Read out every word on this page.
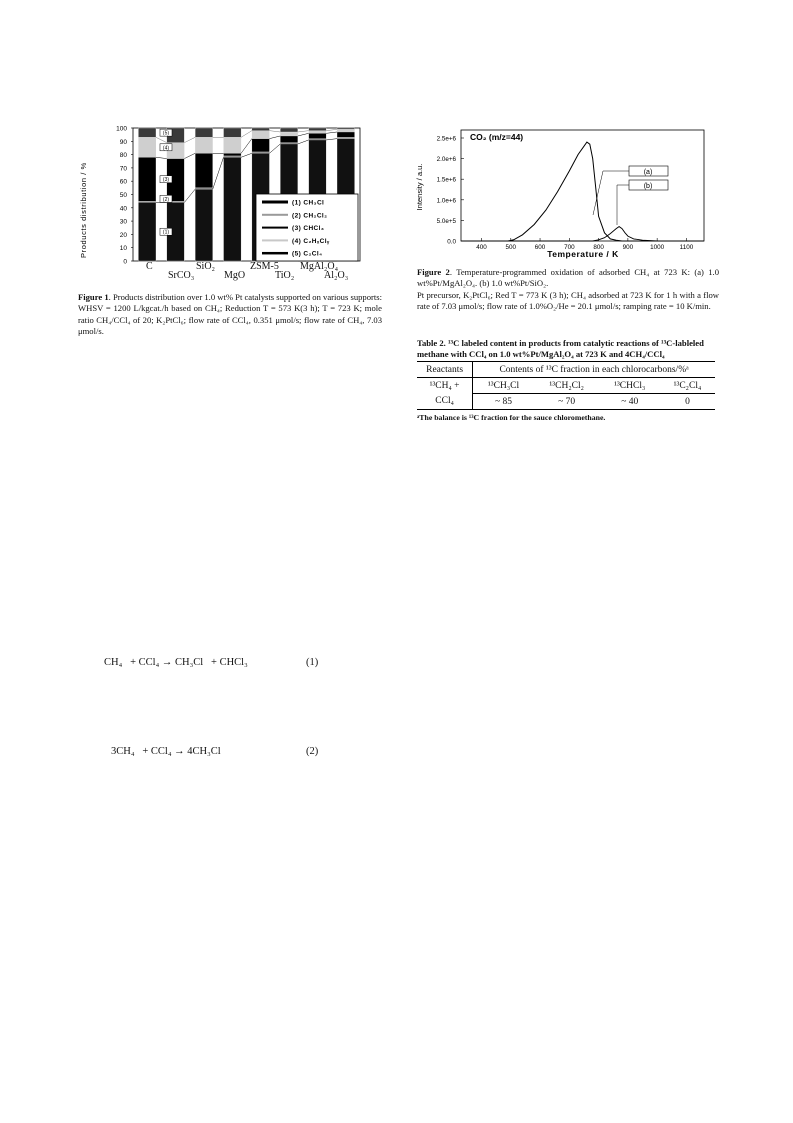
Products distribution / %
0
10
20
30
40
50
60
70
80
90
100
(1)
(3)
(4)
(5)
(2)	(1) CH₃Cl
(2) CH₂Cl₂
(3) CHCl₃
(4) C₂HₓClᵧ
(5) C₂Cl₄
C	SiO₂	ZSM-5 MgAl₂O₄
SrCO₃	MgO	TiO₂	Al₂O₃
Figure 1. Products distribution over 1.0 wt% Pt catalysts supported on various supports: WHSV = 1200 L/kgcat./h based on CH₄; Reduction T = 573 K(3 h); T = 723 K; mole ratio CH₄/CCl₄ of 20; K₂PtCl₆; flow rate of CCl₄, 0.351 μmol/s; flow rate of CH₄, 7.03 μmol/s.
Intensity / a.u.
0.0
5.0e+5
1.0e+6
1.5e+6
2.0e+6
2.5e+6
400	500	600	700	800	900	1000 1100
CO₂ (m/z=44)
(a)
(b)
Temperature / K
Figure 2. Temperature-programmed oxidation of adsorbed CH₄ at 723 K: (a) 1.0 wt%Pt/MgAl₂O₄. (b) 1.0 wt%Pt/SiO₂.
Pt precursor, K₂PtCl₆; Red T = 773 K (3 h); CH₄ adsorbed at 723 K for 1 h with a flow rate of 7.03 μmol/s; flow rate of 1.0%O₂/He = 20.1 μmol/s; ramping rate = 10 K/min.
Table 2. ¹³C labeled content in products from catalytic reactions of ¹³C-lableled methane with CCl₄ on 1.0 wt%Pt/MgAl₂O₄ at 723 K and 4CH₄/CCl₄
Reactants	Contents of ¹³C fraction in each chlorocarbons/%ᵃ			
¹³CH₄ +	¹³CH₃Cl	¹³CH₂Cl₂	¹³CHCl₃	¹³C₂Cl₄
CCl₄	~ 85	~ 70	~ 40	0
ᵃThe balance is ¹³C fraction for the sauce chloromethane.
CH₄   + CCl₄ → CH₃Cl   + CHCl₃	(1)
3CH₄   + CCl₄ → 4CH₃Cl	(2)
